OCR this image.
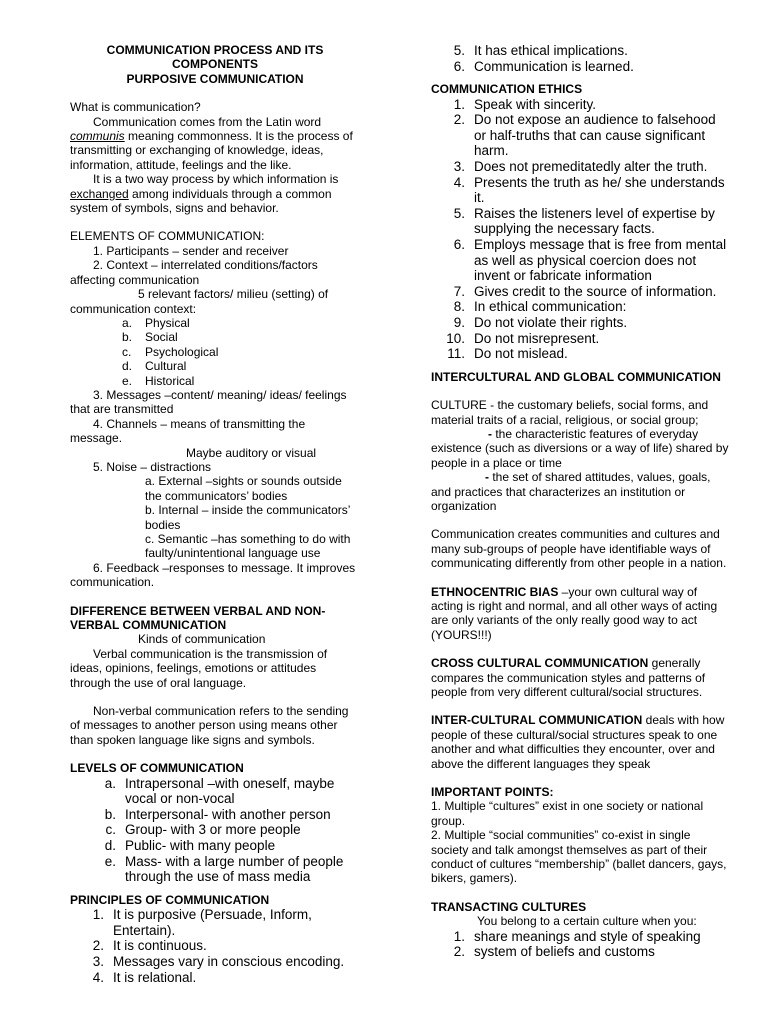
COMMUNICATION PROCESS AND ITS
COMPONENTS
PURPOSIVE COMMUNICATION
What is communication?
Communication comes from the Latin word
communis meaning commonness. It is the process of transmitting or exchanging of knowledge, ideas, information, attitude, feelings and the like.
It is a two way process by which information is exchanged among individuals through a common system of symbols, signs and behavior.
ELEMENTS OF COMMUNICATION:
1. Participants – sender and receiver
2. Context – interrelated conditions/factors affecting communication
5 relevant factors/ milieu (setting) of communication context:
a.	Physical
b.	Social
c.	Psychological
d.	Cultural
e.	Historical
3. Messages –content/ meaning/ ideas/ feelings that are transmitted
4. Channels – means of transmitting the message.
Maybe auditory or visual
5. Noise – distractions
a. External –sights or sounds outside the communicators’ bodies
b. Internal – inside the communicators’ bodies
c. Semantic –has something to do with faulty/unintentional language use
6. Feedback –responses to message. It improves communication.
DIFFERENCE BETWEEN VERBAL AND NON-VERBAL COMMUNICATION
Kinds of communication
Verbal communication is the transmission of ideas, opinions, feelings, emotions or attitudes through the use of oral language.
Non-verbal communication refers to the sending of messages to another person using means other than spoken language like signs and symbols.
LEVELS OF COMMUNICATION
a. Intrapersonal –with oneself, maybe vocal or non-vocal
b. Interpersonal- with another person
c. Group- with 3 or more people
d. Public- with many people
e. Mass- with a large number of people through the use of mass media
PRINCIPLES OF COMMUNICATION
1. It is purposive (Persuade, Inform, Entertain).
2. It is continuous.
3. Messages vary in conscious encoding.
4. It is relational.
5. It has ethical implications.
6. Communication is learned.
COMMUNICATION ETHICS
1. Speak with sincerity.
2. Do not expose an audience to falsehood or half-truths that can cause significant harm.
3. Does not premeditatedly alter the truth.
4. Presents the truth as he/ she understands it.
5. Raises the listeners level of expertise by supplying the necessary facts.
6. Employs message that is free from mental as well as physical coercion does not invent or fabricate information
7. Gives credit to the source of information.
8. In ethical communication:
9. Do not violate their rights.
10. Do not misrepresent.
11. Do not mislead.
INTERCULTURAL AND GLOBAL COMMUNICATION
CULTURE - the customary beliefs, social forms, and material traits of a racial, religious, or social group;
- the characteristic features of everyday existence (such as diversions or a way of life) shared by people in a place or time
- the set of shared attitudes, values, goals, and practices that characterizes an institution or organization
Communication creates communities and cultures and many sub-groups of people have identifiable ways of communicating differently from other people in a nation.
ETHNOCENTRIC BIAS –your own cultural way of acting is right and normal, and all other ways of acting are only variants of the only really good way to act (YOURS!!!)
CROSS CULTURAL COMMUNICATION generally compares the communication styles and patterns of people from very different cultural/social structures.
INTER-CULTURAL COMMUNICATION deals with how people of these cultural/social structures speak to one another and what difficulties they encounter, over and above the different languages they speak
IMPORTANT POINTS:
1. Multiple “cultures” exist in one society or national group.
2. Multiple “social communities” co-exist in single society and talk amongst themselves as part of their conduct of cultures “membership” (ballet dancers, gays, bikers, gamers).
TRANSACTING CULTURES
You belong to a certain culture when you:
1. share meanings and style of speaking
2. system of beliefs and customs
